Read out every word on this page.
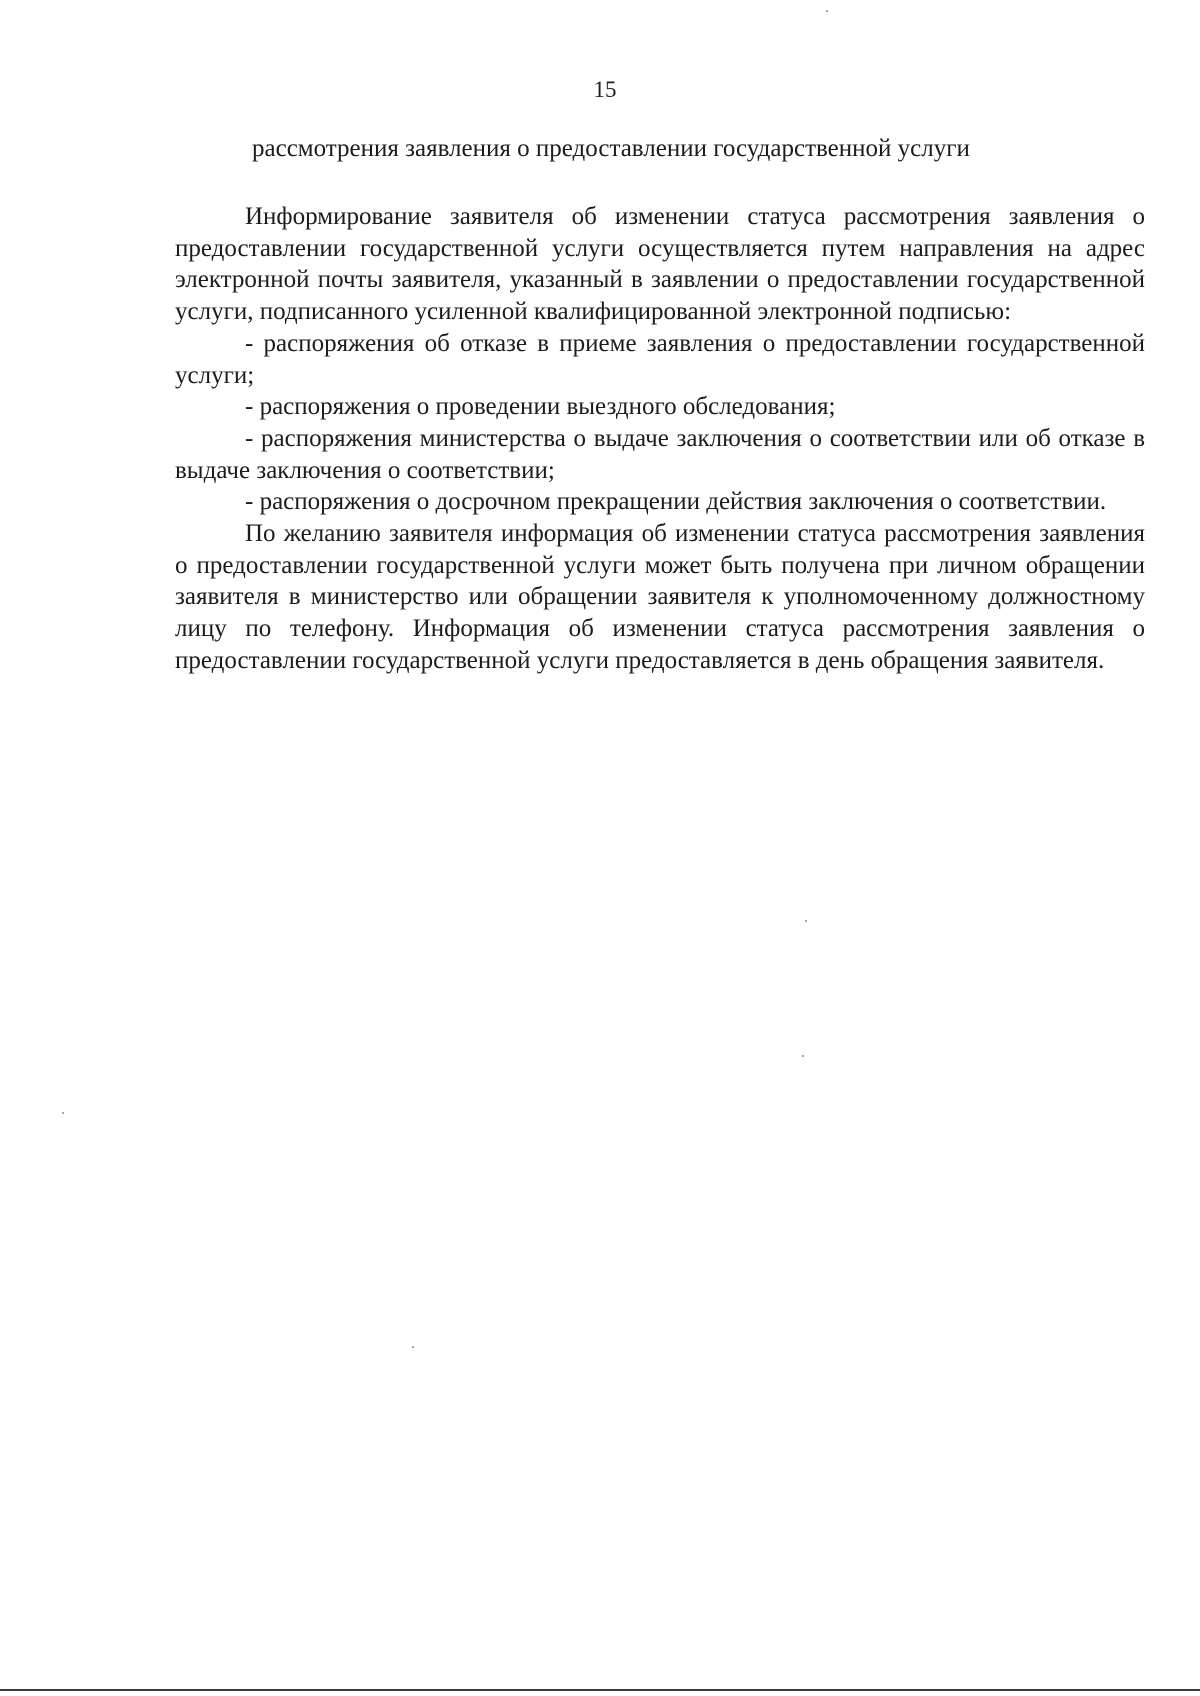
15
рассмотрения заявления о предоставлении государственной услуги

Информирование заявителя об изменении статуса рассмотрения заявления о предоставлении государственной услуги осуществляется путем направления на адрес электронной почты заявителя, указанный в заявлении о предоставлении государственной услуги, подписанного усиленной квалифицированной электронной подписью:

- распоряжения об отказе в приеме заявления о предоставлении государственной услуги;

- распоряжения о проведении выездного обследования;

- распоряжения министерства о выдаче заключения о соответствии или об отказе в выдаче заключения о соответствии;

- распоряжения о досрочном прекращении действия заключения о соответствии.

По желанию заявителя информация об изменении статуса рассмотрения заявления о предоставлении государственной услуги может быть получена при личном обращении заявителя в министерство или обращении заявителя к уполномоченному должностному лицу по телефону. Информация об изменении статуса рассмотрения заявления о предоставлении государственной услуги предоставляется в день обращения заявителя.
